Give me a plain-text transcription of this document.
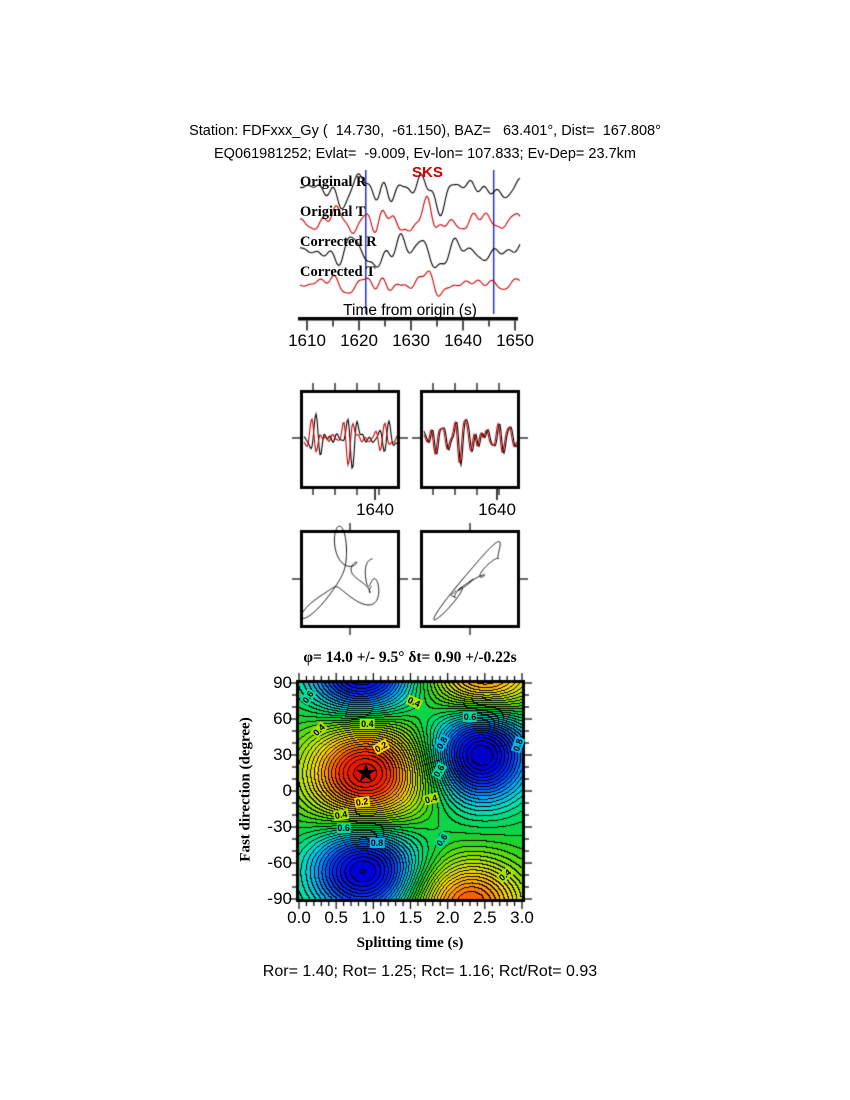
Station: FDFxxx_Gy (  14.730,  -61.150), BAZ=   63.401°, Dist=  167.808°
EQ061981252; Evlat=  -9.009, Ev-lon= 107.833; Ev-Dep= 23.7km
SKS
Original R
Original T
Corrected R
Corrected T
Time from origin (s)
1640	1640
φ= 14.0 +/- 9.5° δt= 0.90 +/-0.22s
Fast direction (degree)
Splitting time (s)
Ror= 1.40; Rot= 1.25; Rct= 1.16; Rct/Rot= 0.93
1610 1620 1630 1640 1650
0.0 0.5 1.0 1.5 2.0 2.5 3.0
90
60
30
0
-30
-60
-90
0.6
0.4	0.4
0.2
0.4
0.6
0.8
0.6
0.8
0.2	0.4
0.4
0.6
0.8	0.6
0.4
★
